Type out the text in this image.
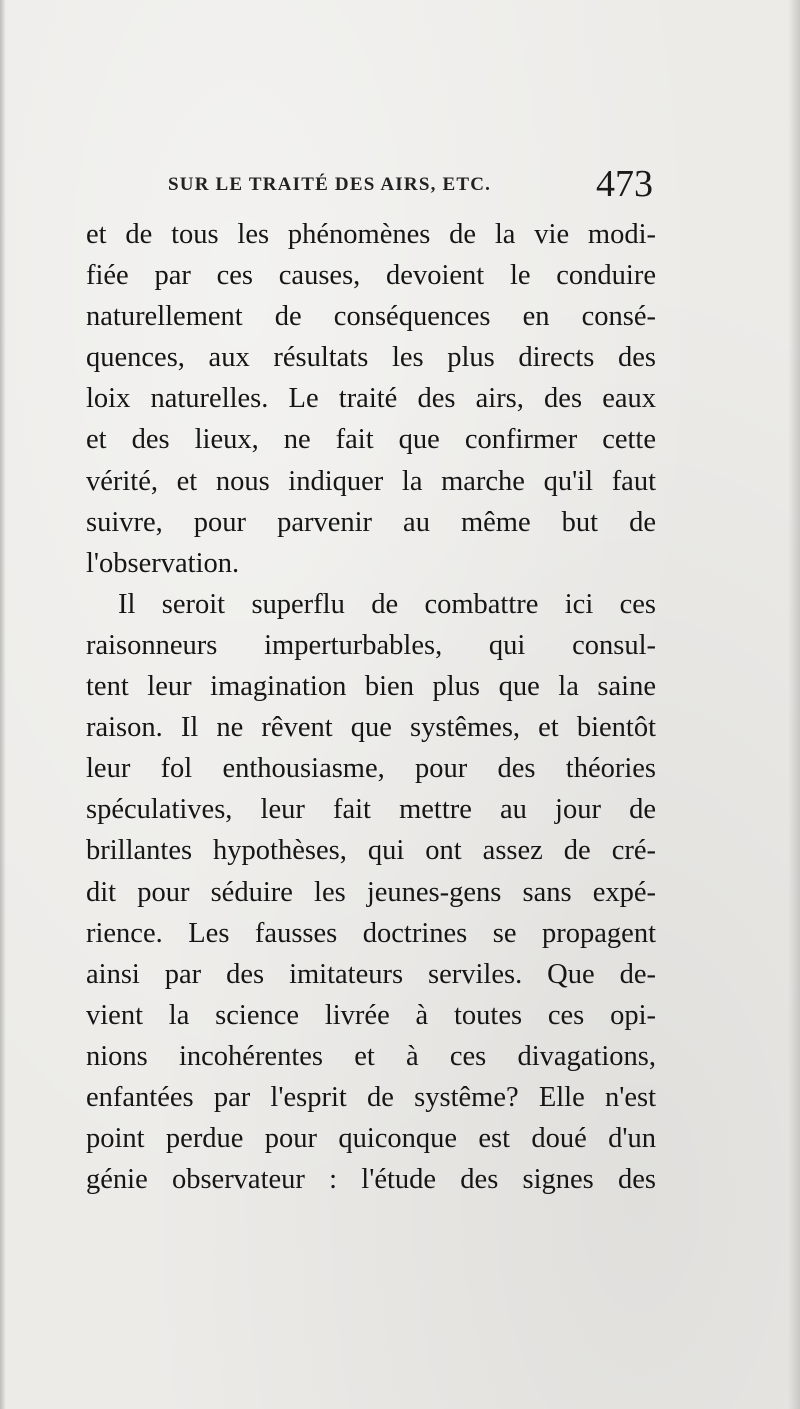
SUR LE TRAITÉ DES AIRS, ETC.	473
et de tous les phénomènes de la vie modi-
fiée par ces causes, devoient le conduire
naturellement de conséquences en consé-
quences, aux résultats les plus directs des
loix naturelles. Le traité des airs, des eaux
et des lieux, ne fait que confirmer cette
vérité, et nous indiquer la marche qu'il faut
suivre, pour parvenir au même but de
l'observation.
Il seroit superflu de combattre ici ces
raisonneurs imperturbables, qui consul-
tent leur imagination bien plus que la saine
raison. Il ne rêvent que systêmes, et bientôt
leur fol enthousiasme, pour des théories
spéculatives, leur fait mettre au jour de
brillantes hypothèses, qui ont assez de cré-
dit pour séduire les jeunes-gens sans expé-
rience. Les fausses doctrines se propagent
ainsi par des imitateurs serviles. Que de-
vient la science livrée à toutes ces opi-
nions incohérentes et à ces divagations,
enfantées par l'esprit de systême? Elle n'est
point perdue pour quiconque est doué d'un
génie observateur : l'étude des signes des
